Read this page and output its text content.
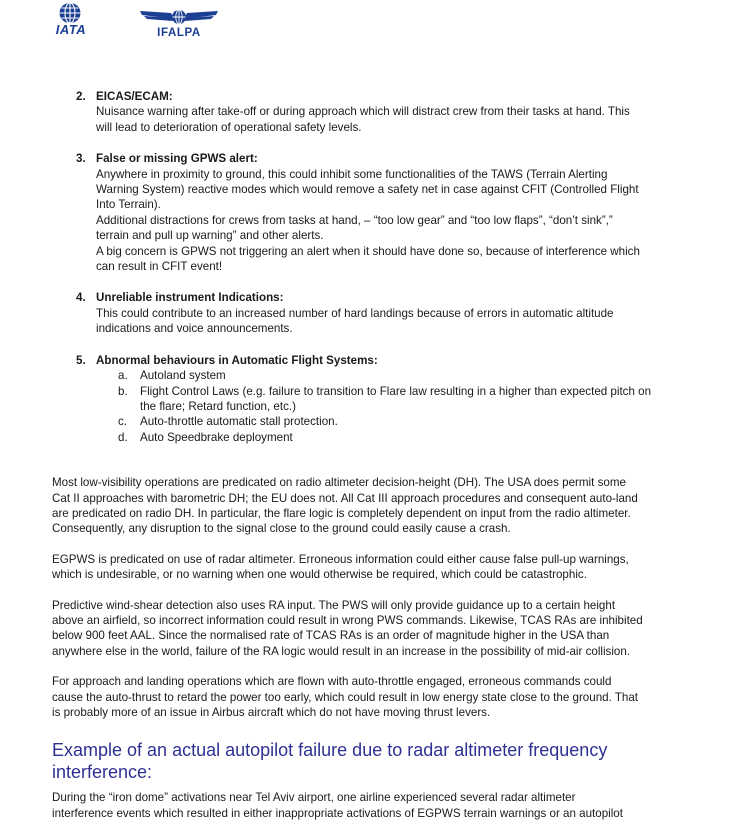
IATA	IFALPA
2. EICAS/ECAM:

Nuisance warning after take-off or during approach which will distract crew from their tasks at hand. This

will lead to deterioration of operational safety levels.

3. False or missing GPWS alert:

Anywhere in proximity to ground, this could inhibit some functionalities of the TAWS (Terrain Alerting

Warning System) reactive modes which would remove a safety net in case against CFIT (Controlled Flight

Into Terrain).

Additional distractions for crews from tasks at hand, – “too low gear” and “too low flaps”, “don’t sink”,”

terrain and pull up warning” and other alerts.

A big concern is GPWS not triggering an alert when it should have done so, because of interference which

can result in CFIT event!

4. Unreliable instrument Indications:

This could contribute to an increased number of hard landings because of errors in automatic altitude

indications and voice announcements.

5. Abnormal behaviours in Automatic Flight Systems:
a. Autoland system
b. Flight Control Laws (e.g. failure to transition to Flare law resulting in a higher than expected pitch on
the flare; Retard function, etc.)
c. Auto-throttle automatic stall protection.
d. Auto Speedbrake deployment
Most low-visibility operations are predicated on radio altimeter decision-height (DH). The USA does permit some
Cat II approaches with barometric DH; the EU does not. All Cat III approach procedures and consequent auto-land
are predicated on radio DH. In particular, the flare logic is completely dependent on input from the radio altimeter.
Consequently, any disruption to the signal close to the ground could easily cause a crash.
EGPWS is predicated on use of radar altimeter. Erroneous information could either cause false pull-up warnings,
which is undesirable, or no warning when one would otherwise be required, which could be catastrophic.
Predictive wind-shear detection also uses RA input. The PWS will only provide guidance up to a certain height
above an airfield, so incorrect information could result in wrong PWS commands. Likewise, TCAS RAs are inhibited
below 900 feet AAL. Since the normalised rate of TCAS RAs is an order of magnitude higher in the USA than
anywhere else in the world, failure of the RA logic would result in an increase in the possibility of mid-air collision.
For approach and landing operations which are flown with auto-throttle engaged, erroneous commands could
cause the auto-thrust to retard the power too early, which could result in low energy state close to the ground. That
is probably more of an issue in Airbus aircraft which do not have moving thrust levers.
Example of an actual autopilot failure due to radar altimeter frequency
interference:
During the “iron dome” activations near Tel Aviv airport, one airline experienced several radar altimeter
interference events which resulted in either inappropriate activations of EGPWS terrain warnings or an autopilot
